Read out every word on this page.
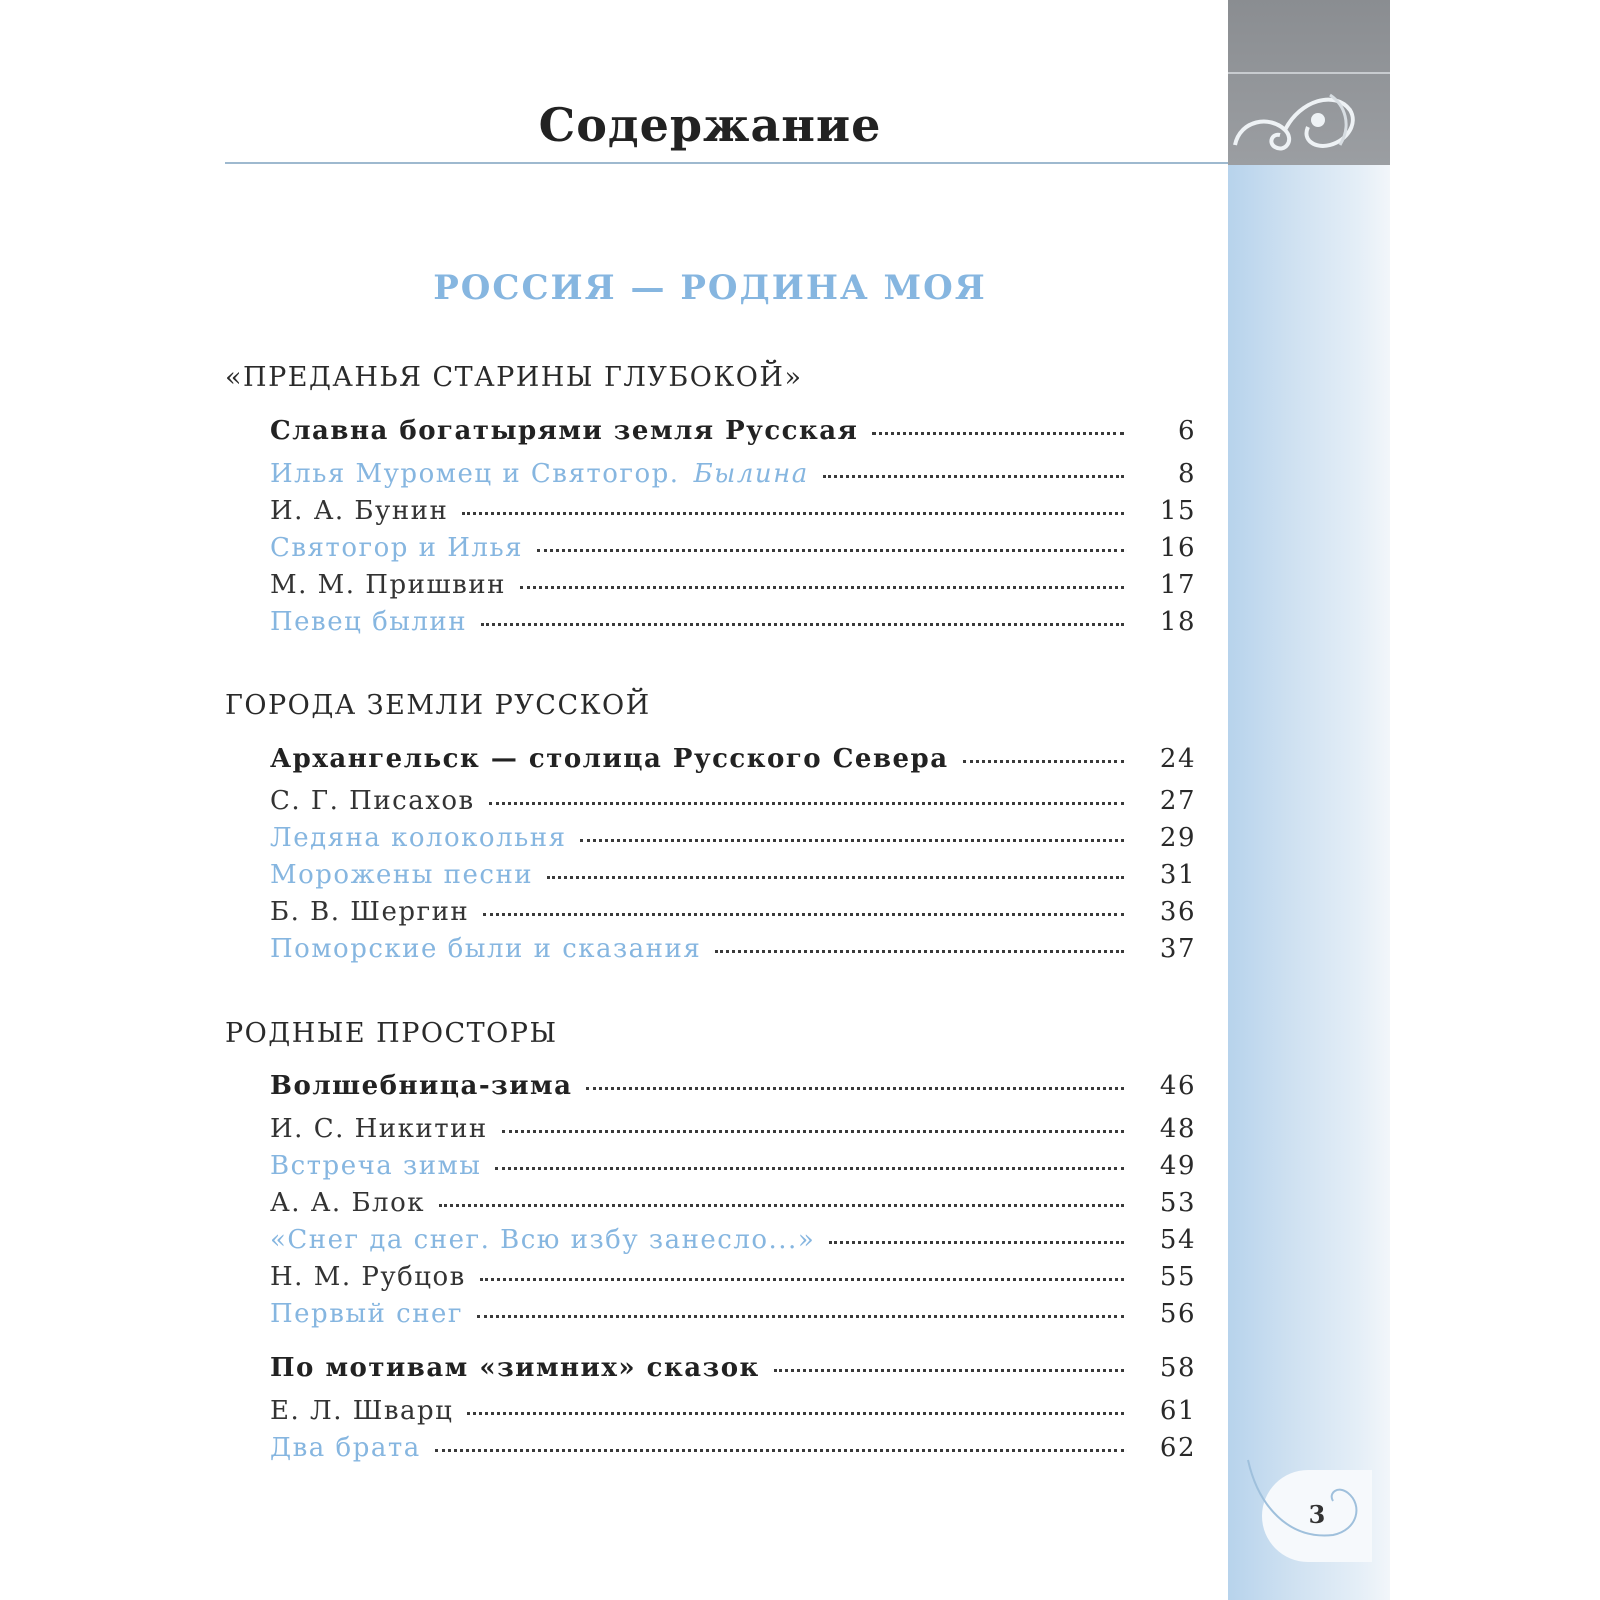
3
Содержание
РОССИЯ — РОДИНА МОЯ
«ПРЕДАНЬЯ СТАРИНЫ ГЛУБОКОЙ»
Славна богатырями земля Русская	6
Илья Муромец и Святогор. Былина	8
И. А. Бунин	15
Святогор и Илья	16
М. М. Пришвин	17
Певец былин	18
ГОРОДА ЗЕМЛИ РУССКОЙ
Архангельск — столица Русского Севера	24
С. Г. Писахов	27
Ледяна колокольня	29
Морожены песни	31
Б. В. Шергин	36
Поморские были и сказания	37
РОДНЫЕ ПРОСТОРЫ
Волшебница-зима	46
И. С. Никитин	48
Встреча зимы	49
А. А. Блок	53
«Снег да снег. Всю избу занесло...»	54
Н. М. Рубцов	55
Первый снег	56
По мотивам «зимних» сказок	58
Е. Л. Шварц	61
Два брата	62
